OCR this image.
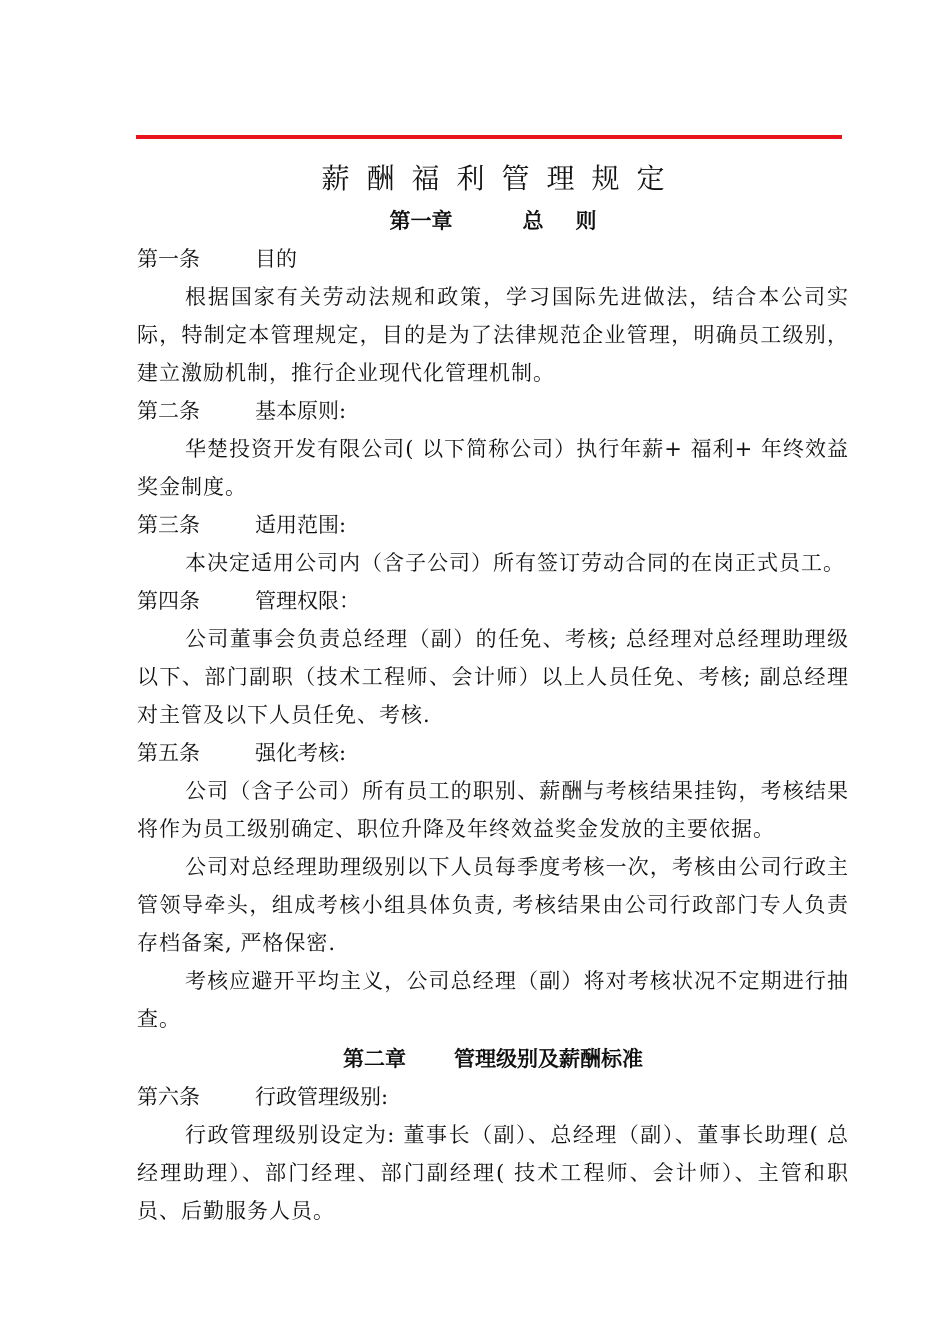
薪酬福利管理规定
第一章	总 则
第一条	目的
根据国家有关劳动法规和政策，学习国际先进做法，结合本公司实际，特制定本管理规定，目的是为了法律规范企业管理，明确员工级别，建立激励机制，推行企业现代化管理机制。
第二条	基本原则:
华楚投资开发有限公司( 以下简称公司）执行年薪+ 福利+ 年终效益奖金制度。
第三条	适用范围:
本决定适用公司内（含子公司）所有签订劳动合同的在岗正式员工。
第四条	管理权限：
公司董事会负责总经理（副）的任免、考核; 总经理对总经理助理级以下、部门副职（技术工程师、会计师）以上人员任免、考核; 副总经理对主管及以下人员任免、考核.
第五条	强化考核:
公司（含子公司）所有员工的职别、薪酬与考核结果挂钩，考核结果将作为员工级别确定、职位升降及年终效益奖金发放的主要依据。
公司对总经理助理级别以下人员每季度考核一次，考核由公司行政主管领导牵头，组成考核小组具体负责, 考核结果由公司行政部门专人负责存档备案, 严格保密.
考核应避开平均主义，公司总经理（副）将对考核状况不定期进行抽查。
第二章 管理级别及薪酬标准
第六条	行政管理级别:
行政管理级别设定为: 董事长（副）、总经理（副）、董事长助理( 总经理助理）、部门经理、部门副经理( 技术工程师、会计师）、主管和职员、后勤服务人员。
